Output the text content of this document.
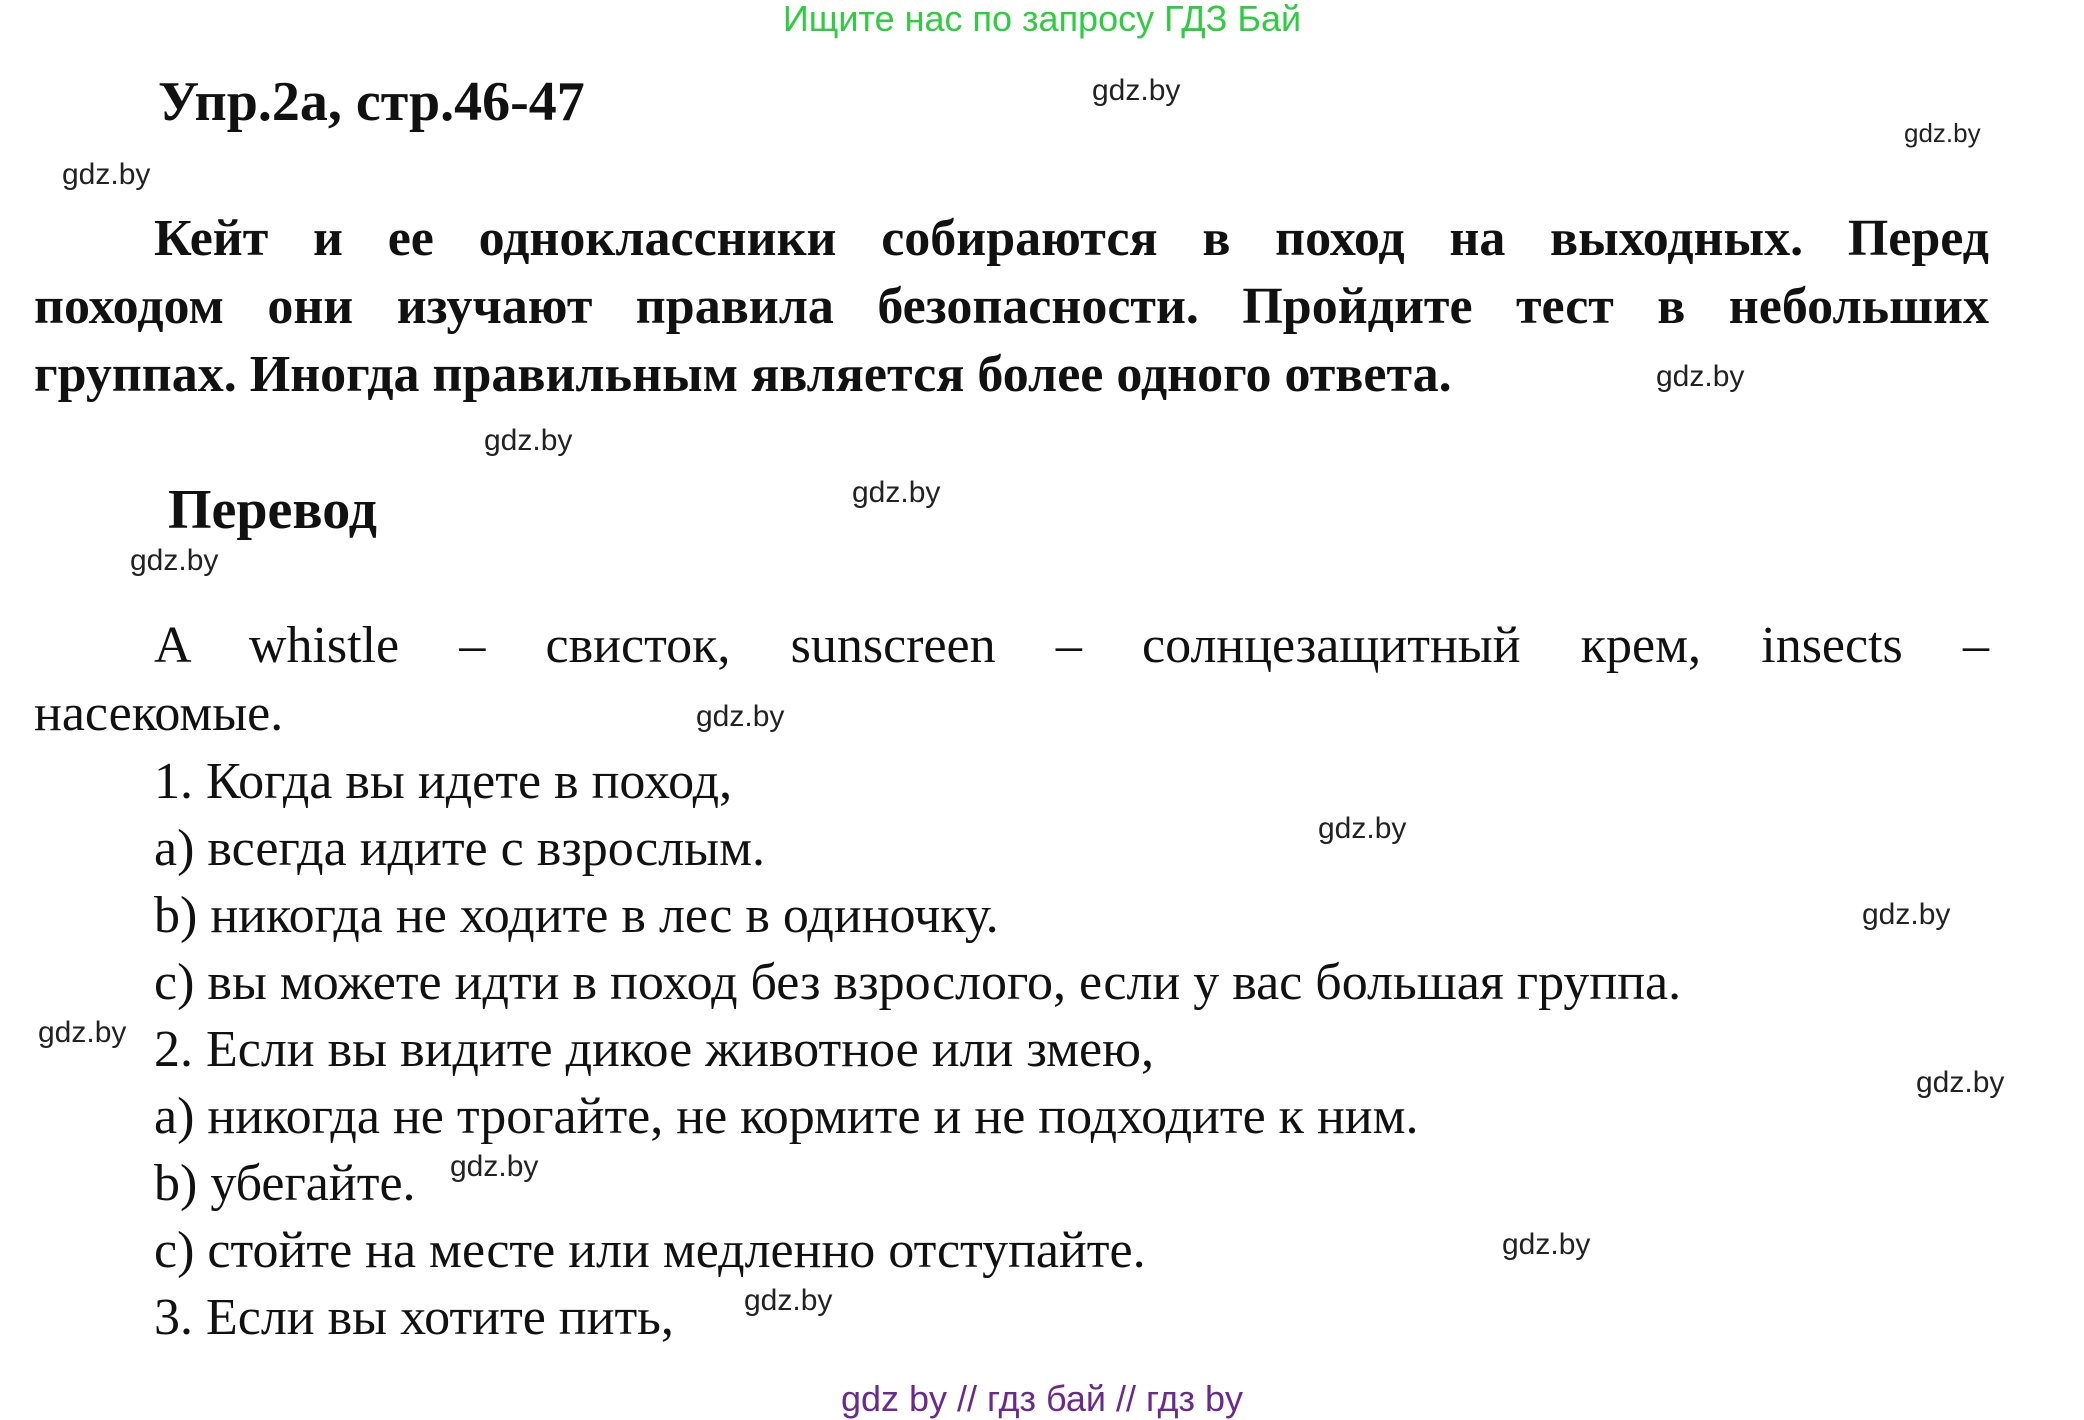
Ищите нас по запросу ГДЗ Бай
Упр.2a, стр.46-47
Кейт и ее одноклассники собираются в поход на выходных. Перед
походом они изучают правила безопасности. Пройдите тест в небольших
группах. Иногда правильным является более одного ответа.
Перевод
A whistle – свисток, sunscreen – солнцезащитный крем, insects –
насекомые.
1. Когда вы идете в поход,
a) всегда идите с взрослым.
b) никогда не ходите в лес в одиночку.
c) вы можете идти в поход без взрослого, если у вас большая группа.
2. Если вы видите дикое животное или змею,
a) никогда не трогайте, не кормите и не подходите к ним.
b) убегайте.
c) стойте на месте или медленно отступайте.
3. Если вы хотите пить,
gdz.by
gdz.by
gdz.by
gdz.by
gdz.by
gdz.by
gdz.by
gdz.by
gdz.by
gdz.by
gdz.by
gdz.by
gdz.by
gdz.by
gdz.by
gdz by // гдз бай // гдз by
